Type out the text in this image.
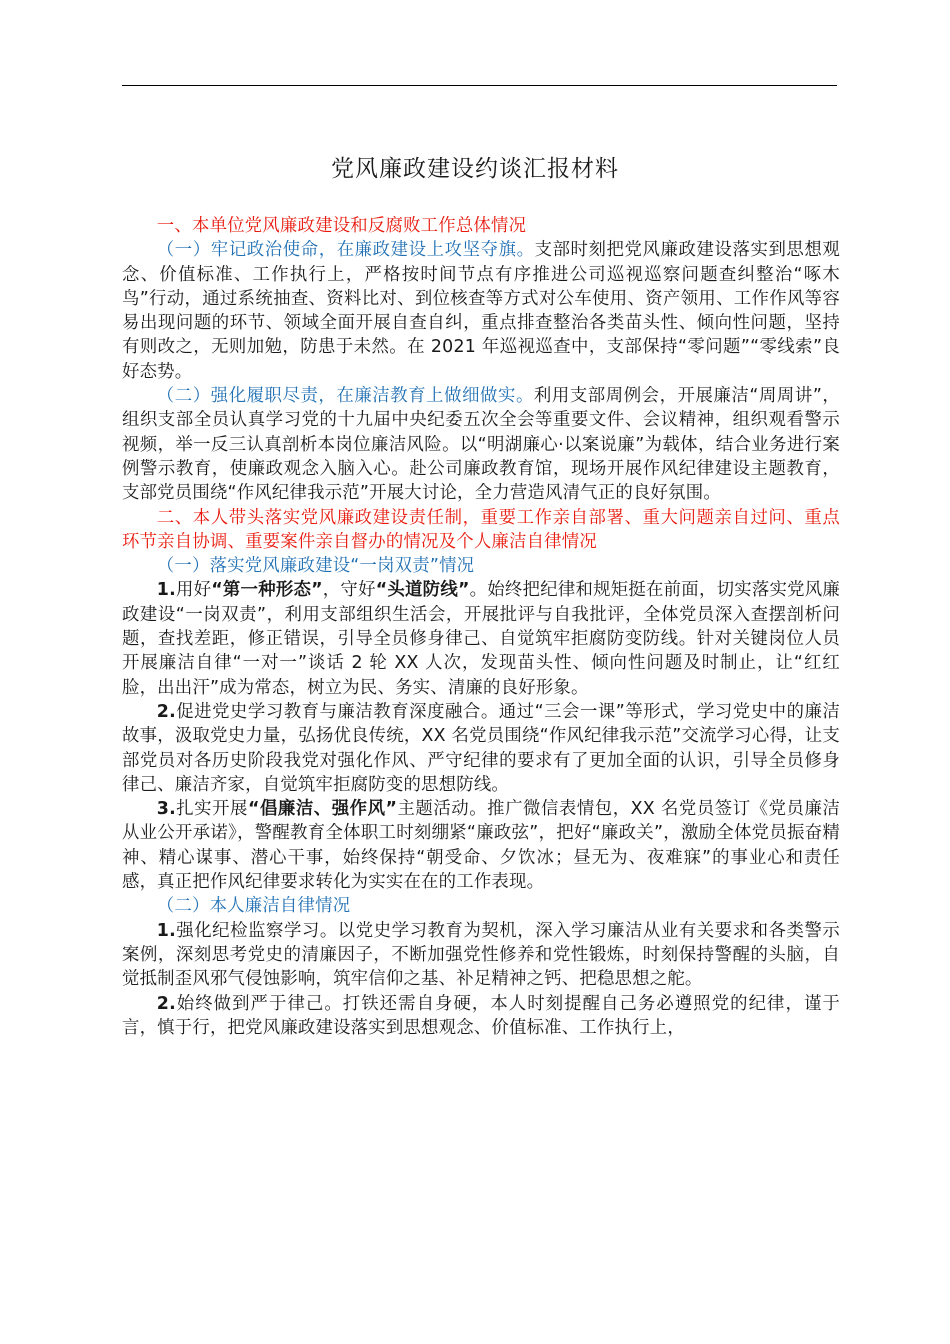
党风廉政建设约谈汇报材料

一、本单位党风廉政建设和反腐败工作总体情况

（一）牢记政治使命，在廉政建设上攻坚夺旗。支部时刻把党风廉政建设落实到思想观念、价值标准、工作执行上，严格按时间节点有序推进公司巡视巡察问题查纠整治“啄木鸟”行动，通过系统抽查、资料比对、到位核查等方式对公车使用、资产领用、工作作风等容易出现问题的环节、领域全面开展自查自纠，重点排查整治各类苗头性、倾向性问题，坚持有则改之，无则加勉，防患于未然。在 2021 年巡视巡查中，支部保持“零问题”“零线索”良好态势。

（二）强化履职尽责，在廉洁教育上做细做实。利用支部周例会，开展廉洁“周周讲”，组织支部全员认真学习党的十九届中央纪委五次全会等重要文件、会议精神，组织观看警示视频，举一反三认真剖析本岗位廉洁风险。以“明湖廉心·以案说廉”为载体，结合业务进行案例警示教育，使廉政观念入脑入心。赴公司廉政教育馆，现场开展作风纪律建设主题教育，支部党员围绕“作风纪律我示范”开展大讨论，全力营造风清气正的良好氛围。

二、本人带头落实党风廉政建设责任制，重要工作亲自部署、重大问题亲自过问、重点环节亲自协调、重要案件亲自督办的情况及个人廉洁自律情况

（一）落实党风廉政建设“一岗双责”情况

1.用好“第一种形态”，守好“头道防线”。始终把纪律和规矩挺在前面，切实落实党风廉政建设“一岗双责”，利用支部组织生活会，开展批评与自我批评，全体党员深入查摆剖析问题，查找差距，修正错误，引导全员修身律己、自觉筑牢拒腐防变防线。针对关键岗位人员开展廉洁自律“一对一”谈话 2 轮 XX 人次，发现苗头性、倾向性问题及时制止，让“红红脸，出出汗”成为常态，树立为民、务实、清廉的良好形象。

2.促进党史学习教育与廉洁教育深度融合。通过“三会一课”等形式，学习党史中的廉洁故事，汲取党史力量，弘扬优良传统，XX 名党员围绕“作风纪律我示范”交流学习心得，让支部党员对各历史阶段我党对强化作风、严守纪律的要求有了更加全面的认识，引导全员修身律己、廉洁齐家，自觉筑牢拒腐防变的思想防线。

3.扎实开展“倡廉洁、强作风”主题活动。推广微信表情包，XX 名党员签订《党员廉洁从业公开承诺》，警醒教育全体职工时刻绷紧“廉政弦”，把好“廉政关”，激励全体党员振奋精神、精心谋事、潜心干事，始终保持“朝受命、夕饮冰；昼无为、夜难寐”的事业心和责任感，真正把作风纪律要求转化为实实在在的工作表现。

（二）本人廉洁自律情况

1.强化纪检监察学习。以党史学习教育为契机，深入学习廉洁从业有关要求和各类警示案例，深刻思考党史的清廉因子，不断加强党性修养和党性锻炼，时刻保持警醒的头脑，自觉抵制歪风邪气侵蚀影响，筑牢信仰之基、补足精神之钙、把稳思想之舵。

2.始终做到严于律己。打铁还需自身硬，本人时刻提醒自己务必遵照党的纪律，谨于言，慎于行，把党风廉政建设落实到思想观念、价值标准、工作执行上，
